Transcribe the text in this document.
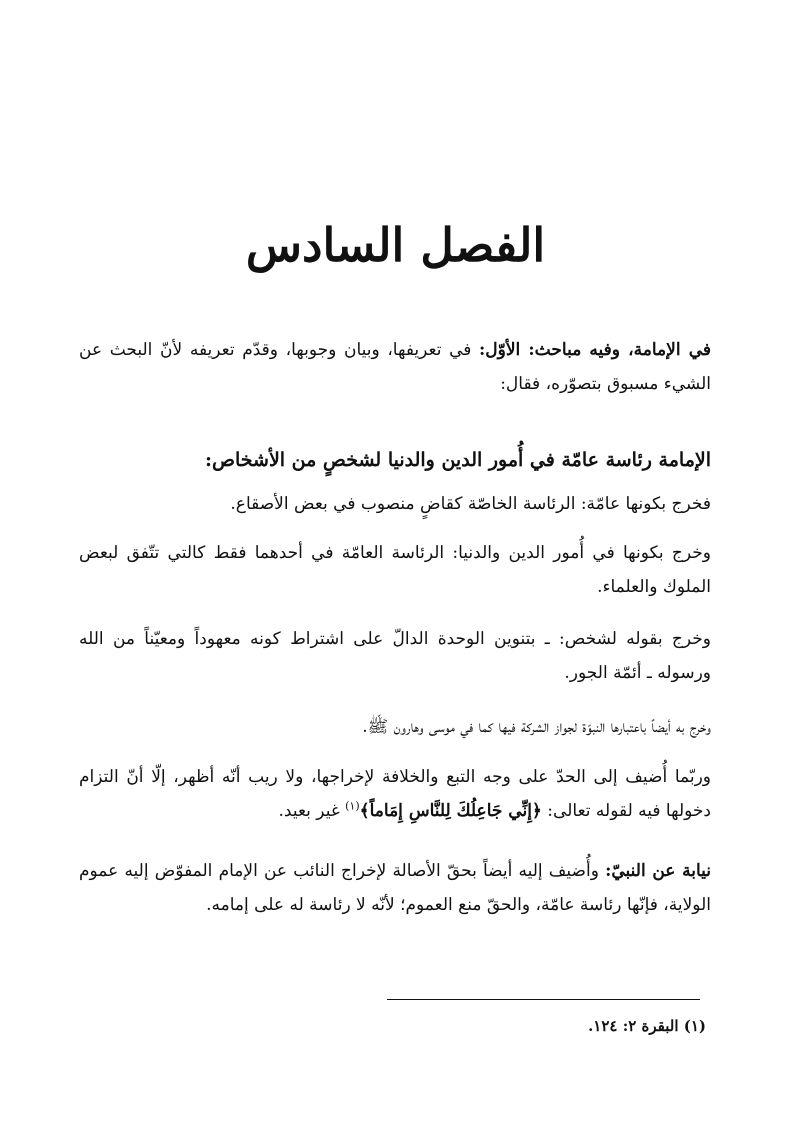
الفصل السادس

في الإمامة، وفيه مباحث: الأوّل: في تعريفها، وبيان وجوبها، وقدّم تعريفه لأنّ البحث عن الشيء مسبوق بتصوّره، فقال:

الإمامة رئاسة عامّة في أُمور الدين والدنيا لشخصٍ من الأشخاص:

فخرج بكونها عامّة: الرئاسة الخاصّة كقاضٍ منصوب في بعض الأصقاع.

وخرج بكونها في أُمور الدين والدنيا: الرئاسة العامّة في أحدهما فقط كالتي تتّفق لبعض الملوك والعلماء.

وخرج بقوله لشخص: ـ بتنوين الوحدة الدالّ على اشتراط كونه معهوداً ومعيّناً من الله ورسوله ـ أئمّة الجور.

وخرج به أيضاً باعتبارها النبوّة لجواز الشركة فيها كما في موسى وهارون ﷺ.

وربّما أُضيف إلى الحدّ على وجه التبع والخلافة لإخراجها، ولا ريب أنّه أظهر، إلّا أنّ التزام دخولها فيه لقوله تعالى: ﴿إِنِّي جَاعِلُكَ لِلنَّاسِ إِمَاماً﴾$^{(١)}$ غير بعيد.

نيابة عن النبيّ: وأُضيف إليه أيضاً بحقّ الأصالة لإخراج النائب عن الإمام المفوّض إليه عموم الولاية، فإنّها رئاسة عامّة، والحقّ منع العموم؛ لأنّه لا رئاسة له على إمامه.

(١) البقرة ٢: ١٢٤.
